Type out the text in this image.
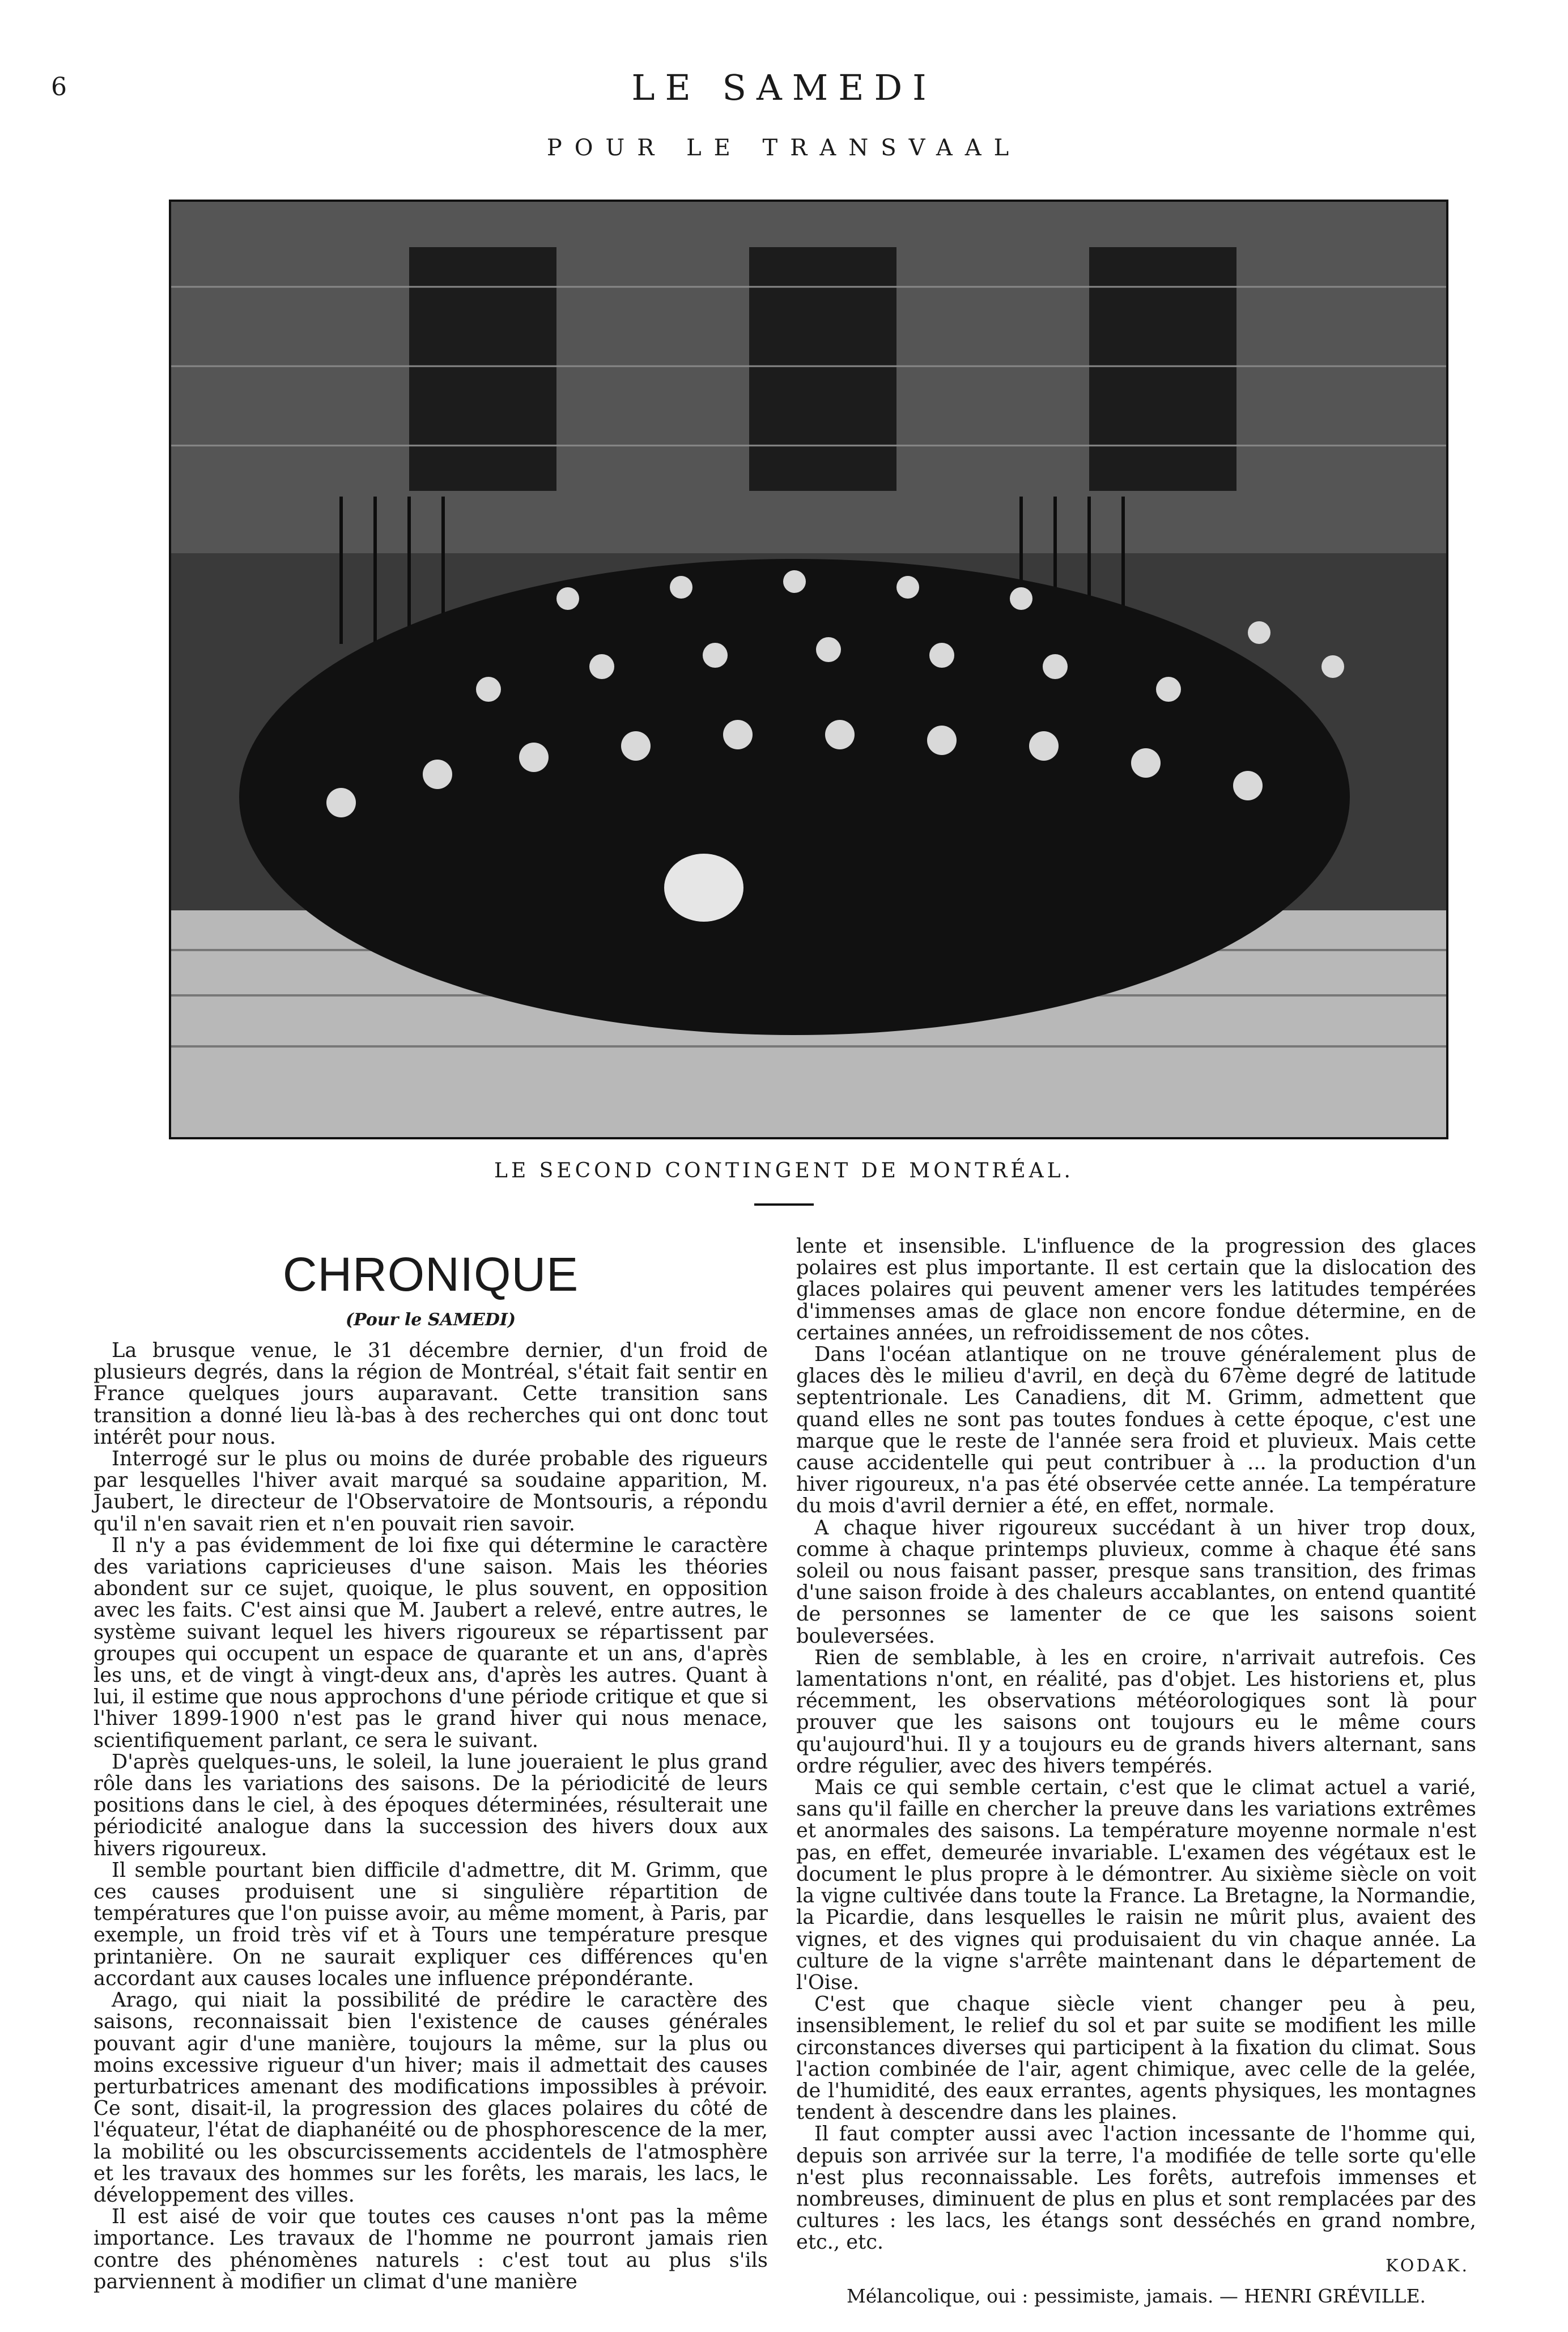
6	LE SAMEDI
POUR LE TRANSVAAL
LE SECOND CONTINGENT DE MONTRÉAL.
CHRONIQUE
(Pour le SAMEDI)

La brusque venue, le 31 décembre dernier, d'un froid de plusieurs degrés, dans la région de Montréal, s'était fait sentir en France quelques jours auparavant. Cette transition sans transition a donné lieu là-bas à des recherches qui ont donc tout intérêt pour nous.

Interrogé sur le plus ou moins de durée probable des rigueurs par lesquelles l'hiver avait marqué sa soudaine apparition, M. Jaubert, le directeur de l'Observatoire de Montsouris, a répondu qu'il n'en savait rien et n'en pouvait rien savoir.

Il n'y a pas évidemment de loi fixe qui détermine le caractère des variations capricieuses d'une saison. Mais les théories abondent sur ce sujet, quoique, le plus souvent, en opposition avec les faits. C'est ainsi que M. Jaubert a relevé, entre autres, le système suivant lequel les hivers rigoureux se répartissent par groupes qui occupent un espace de quarante et un ans, d'après les uns, et de vingt à vingt-deux ans, d'après les autres. Quant à lui, il estime que nous approchons d'une période critique et que si l'hiver 1899-1900 n'est pas le grand hiver qui nous menace, scientifiquement parlant, ce sera le suivant.

D'après quelques-uns, le soleil, la lune joueraient le plus grand rôle dans les variations des saisons. De la périodicité de leurs positions dans le ciel, à des époques déterminées, résulterait une périodicité analogue dans la succession des hivers doux aux hivers rigoureux.

Il semble pourtant bien difficile d'admettre, dit M. Grimm, que ces causes produisent une si singulière répartition de températures que l'on puisse avoir, au même moment, à Paris, par exemple, un froid très vif et à Tours une température presque printanière. On ne saurait expliquer ces différences qu'en accordant aux causes locales une influence prépondérante.

Arago, qui niait la possibilité de prédire le caractère des saisons, reconnaissait bien l'existence de causes générales pouvant agir d'une manière, toujours la même, sur la plus ou moins excessive rigueur d'un hiver; mais il admettait des causes perturbatrices amenant des modifications impossibles à prévoir. Ce sont, disait-il, la progression des glaces polaires du côté de l'équateur, l'état de diaphanéité ou de phosphorescence de la mer, la mobilité ou les obscurcissements accidentels de l'atmosphère et les travaux des hommes sur les forêts, les marais, les lacs, le développement des villes.

Il est aisé de voir que toutes ces causes n'ont pas la même importance. Les travaux de l'homme ne pourront jamais rien contre des phénomènes naturels : c'est tout au plus s'ils parviennent à modifier un climat d'une manière

lente et insensible. L'influence de la progression des glaces polaires est plus importante. Il est certain que la dislocation des glaces polaires qui peuvent amener vers les latitudes tempérées d'immenses amas de glace non encore fondue détermine, en de certaines années, un refroidissement de nos côtes.

Dans l'océan atlantique on ne trouve généralement plus de glaces dès le milieu d'avril, en deçà du 67ème degré de latitude septentrionale. Les Canadiens, dit M. Grimm, admettent que quand elles ne sont pas toutes fondues à cette époque, c'est une marque que le reste de l'année sera froid et pluvieux. Mais cette cause accidentelle qui peut contribuer à ... la production d'un hiver rigoureux, n'a pas été observée cette année. La température du mois d'avril dernier a été, en effet, normale.

A chaque hiver rigoureux succédant à un hiver trop doux, comme à chaque printemps pluvieux, comme à chaque été sans soleil ou nous faisant passer, presque sans transition, des frimas d'une saison froide à des chaleurs accablantes, on entend quantité de personnes se lamenter de ce que les saisons soient bouleversées.

Rien de semblable, à les en croire, n'arrivait autrefois. Ces lamentations n'ont, en réalité, pas d'objet. Les historiens et, plus récemment, les observations météorologiques sont là pour prouver que les saisons ont toujours eu le même cours qu'aujourd'hui. Il y a toujours eu de grands hivers alternant, sans ordre régulier, avec des hivers tempérés.

Mais ce qui semble certain, c'est que le climat actuel a varié, sans qu'il faille en chercher la preuve dans les variations extrêmes et anormales des saisons. La température moyenne normale n'est pas, en effet, demeurée invariable. L'examen des végétaux est le document le plus propre à le démontrer. Au sixième siècle on voit la vigne cultivée dans toute la France. La Bretagne, la Normandie, la Picardie, dans lesquelles le raisin ne mûrit plus, avaient des vignes, et des vignes qui produisaient du vin chaque année. La culture de la vigne s'arrête maintenant dans le département de l'Oise.

C'est que chaque siècle vient changer peu à peu, insensiblement, le relief du sol et par suite se modifient les mille circonstances diverses qui participent à la fixation du climat. Sous l'action combinée de l'air, agent chimique, avec celle de la gelée, de l'humidité, des eaux errantes, agents physiques, les montagnes tendent à descendre dans les plaines.

Il faut compter aussi avec l'action incessante de l'homme qui, depuis son arrivée sur la terre, l'a modifiée de telle sorte qu'elle n'est plus reconnaissable. Les forêts, autrefois immenses et nombreuses, diminuent de plus en plus et sont remplacées par des cultures : les lacs, les étangs sont desséchés en grand nombre, etc., etc.

KODAK.
Mélancolique, oui : pessimiste, jamais. — HENRI GRÉVILLE.
